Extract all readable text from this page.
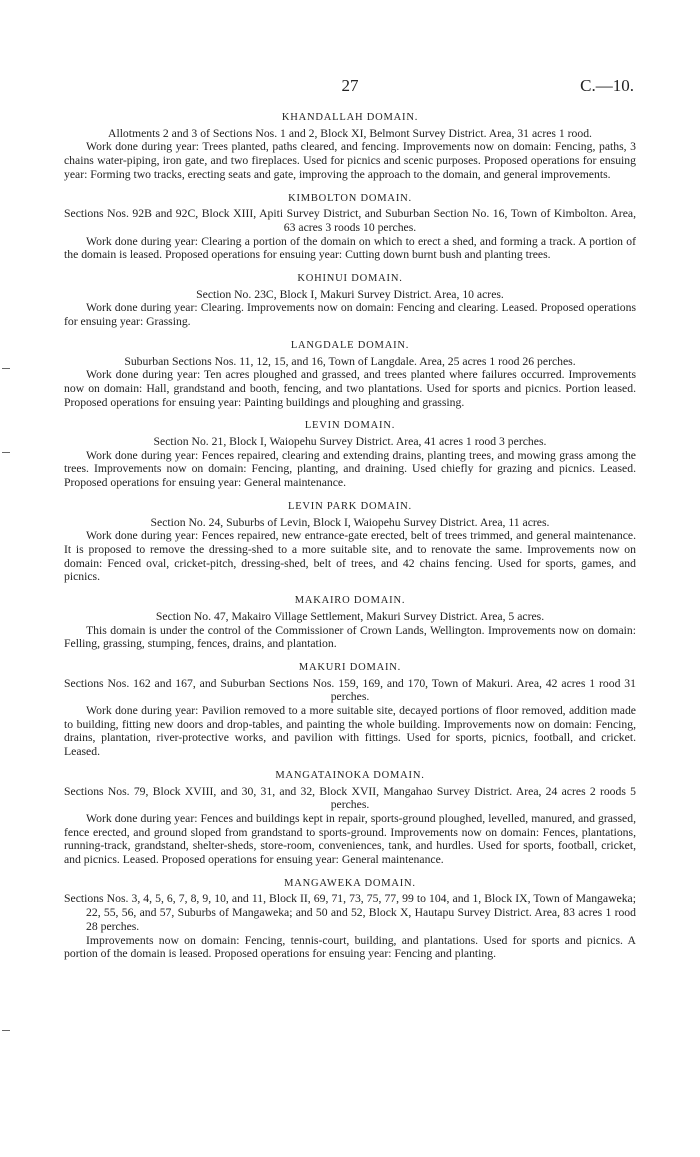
27	C.—10.

KHANDALLAH DOMAIN.

Allotments 2 and 3 of Sections Nos. 1 and 2, Block XI, Belmont Survey District. Area, 31 acres 1 rood.

Work done during year: Trees planted, paths cleared, and fencing. Improvements now on domain: Fencing, paths, 3 chains water-piping, iron gate, and two fireplaces. Used for picnics and scenic purposes. Proposed operations for ensuing year: Forming two tracks, erecting seats and gate, improving the approach to the domain, and general improvements.

KIMBOLTON DOMAIN.

Sections Nos. 92B and 92C, Block XIII, Apiti Survey District, and Suburban Section No. 16, Town of Kimbolton. Area, 63 acres 3 roods 10 perches.

Work done during year: Clearing a portion of the domain on which to erect a shed, and forming a track. A portion of the domain is leased. Proposed operations for ensuing year: Cutting down burnt bush and planting trees.

KOHINUI DOMAIN.

Section No. 23C, Block I, Makuri Survey District. Area, 10 acres.

Work done during year: Clearing. Improvements now on domain: Fencing and clearing. Leased. Proposed operations for ensuing year: Grassing.

LANGDALE DOMAIN.

Suburban Sections Nos. 11, 12, 15, and 16, Town of Langdale. Area, 25 acres 1 rood 26 perches.

Work done during year: Ten acres ploughed and grassed, and trees planted where failures occurred. Improvements now on domain: Hall, grandstand and booth, fencing, and two plantations. Used for sports and picnics. Portion leased. Proposed operations for ensuing year: Painting buildings and ploughing and grassing.

LEVIN DOMAIN.

Section No. 21, Block I, Waiopehu Survey District. Area, 41 acres 1 rood 3 perches.

Work done during year: Fences repaired, clearing and extending drains, planting trees, and mowing grass among the trees. Improvements now on domain: Fencing, planting, and draining. Used chiefly for grazing and picnics. Leased. Proposed operations for ensuing year: General maintenance.

LEVIN PARK DOMAIN.

Section No. 24, Suburbs of Levin, Block I, Waiopehu Survey District. Area, 11 acres.

Work done during year: Fences repaired, new entrance-gate erected, belt of trees trimmed, and general maintenance. It is proposed to remove the dressing-shed to a more suitable site, and to renovate the same. Improvements now on domain: Fenced oval, cricket-pitch, dressing-shed, belt of trees, and 42 chains fencing. Used for sports, games, and picnics.

MAKAIRO DOMAIN.

Section No. 47, Makairo Village Settlement, Makuri Survey District. Area, 5 acres.

This domain is under the control of the Commissioner of Crown Lands, Wellington. Improvements now on domain: Felling, grassing, stumping, fences, drains, and plantation.

MAKURI DOMAIN.

Sections Nos. 162 and 167, and Suburban Sections Nos. 159, 169, and 170, Town of Makuri. Area, 42 acres 1 rood 31 perches.

Work done during year: Pavilion removed to a more suitable site, decayed portions of floor removed, addition made to building, fitting new doors and drop-tables, and painting the whole building. Improvements now on domain: Fencing, drains, plantation, river-protective works, and pavilion with fittings. Used for sports, picnics, football, and cricket. Leased.

MANGATAINOKA DOMAIN.

Sections Nos. 79, Block XVIII, and 30, 31, and 32, Block XVII, Mangahao Survey District. Area, 24 acres 2 roods 5 perches.

Work done during year: Fences and buildings kept in repair, sports-ground ploughed, levelled, manured, and grassed, fence erected, and ground sloped from grandstand to sports-ground. Improvements now on domain: Fences, plantations, running-track, grandstand, shelter-sheds, store-room, conveniences, tank, and hurdles. Used for sports, football, cricket, and picnics. Leased. Proposed operations for ensuing year: General maintenance.

MANGAWEKA DOMAIN.

Sections Nos. 3, 4, 5, 6, 7, 8, 9, 10, and 11, Block II, 69, 71, 73, 75, 77, 99 to 104, and 1, Block IX, Town of Mangaweka; 22, 55, 56, and 57, Suburbs of Mangaweka; and 50 and 52, Block X, Hautapu Survey District. Area, 83 acres 1 rood 28 perches.

Improvements now on domain: Fencing, tennis-court, building, and plantations. Used for sports and picnics. A portion of the domain is leased. Proposed operations for ensuing year: Fencing and planting.
